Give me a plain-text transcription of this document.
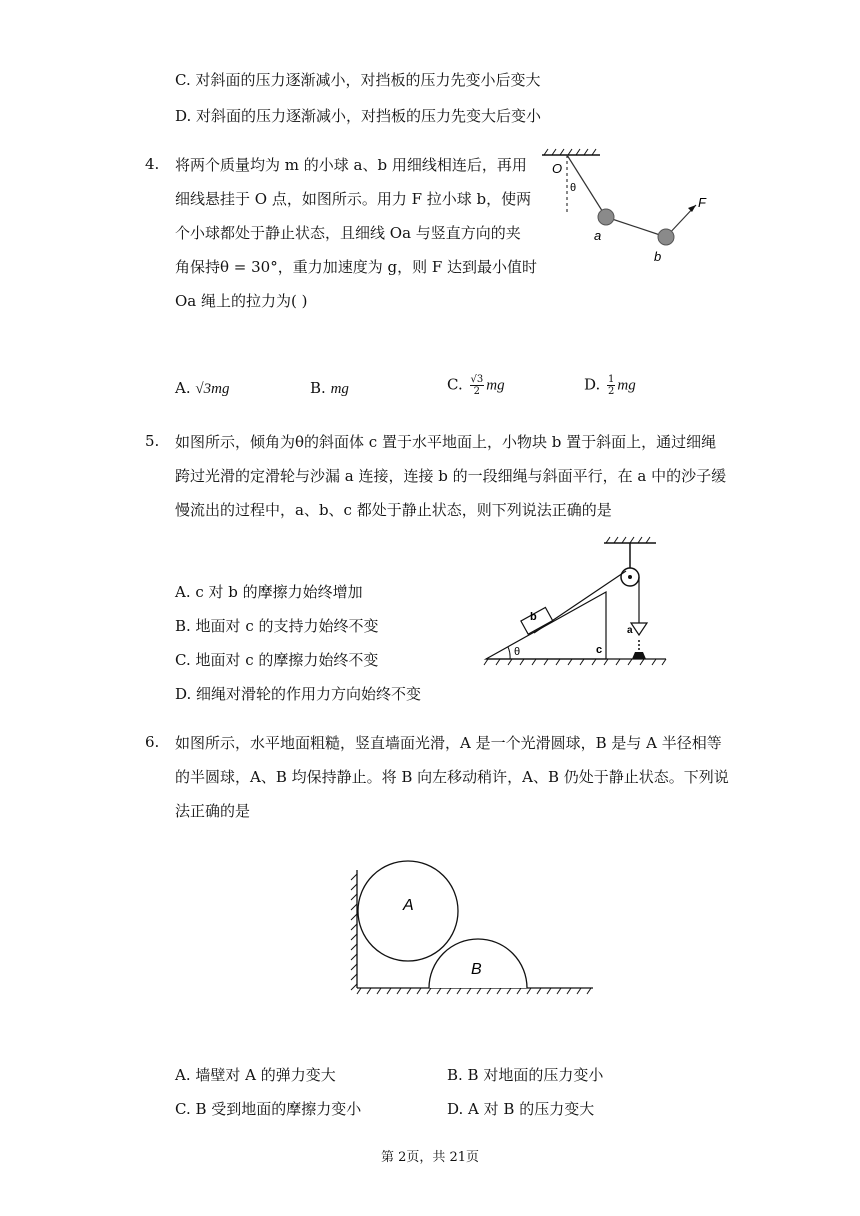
C. 对斜面的压力逐渐减小，对挡板的压力先变小后变大
D. 对斜面的压力逐渐减小，对挡板的压力先变大后变小
4. 将两个质量均为 m 的小球 a、b 用细线相连后，再用
细线悬挂于 O 点，如图所示。用力 F 拉小球 b，使两
个小球都处于静止状态，且细线 Oa 与竖直方向的夹
角保持θ = 30°，重力加速度为 g，则 F 达到最小值时
Oa 绳上的拉力为( )
O
θ
a
b
F
A. √3mg	B. mg	C. $\frac{√3}{2}$ mg	D. $\frac{1}{2}$ mg
5. 如图所示，倾角为θ的斜面体 c 置于水平地面上，小物块 b 置于斜面上，通过细绳
跨过光滑的定滑轮与沙漏 a 连接，连接 b 的一段细绳与斜面平行，在 a 中的沙子缓
慢流出的过程中，a、b、c 都处于静止状态，则下列说法正确的是
A. c 对 b 的摩擦力始终增加
B. 地面对 c 的支持力始终不变
C. 地面对 c 的摩擦力始终不变
D. 细绳对滑轮的作用力方向始终不变
θ
b
c
a
6. 如图所示，水平地面粗糙，竖直墙面光滑，A 是一个光滑圆球，B 是与 A 半径相等
的半圆球，A、B 均保持静止。将 B 向左移动稍许，A、B 仍处于静止状态。下列说
法正确的是
A
B
A. 墙壁对 A 的弹力变大	B. B 对地面的压力变小
C. B 受到地面的摩擦力变小	D. A 对 B 的压力变大
第 2页，共 21页
